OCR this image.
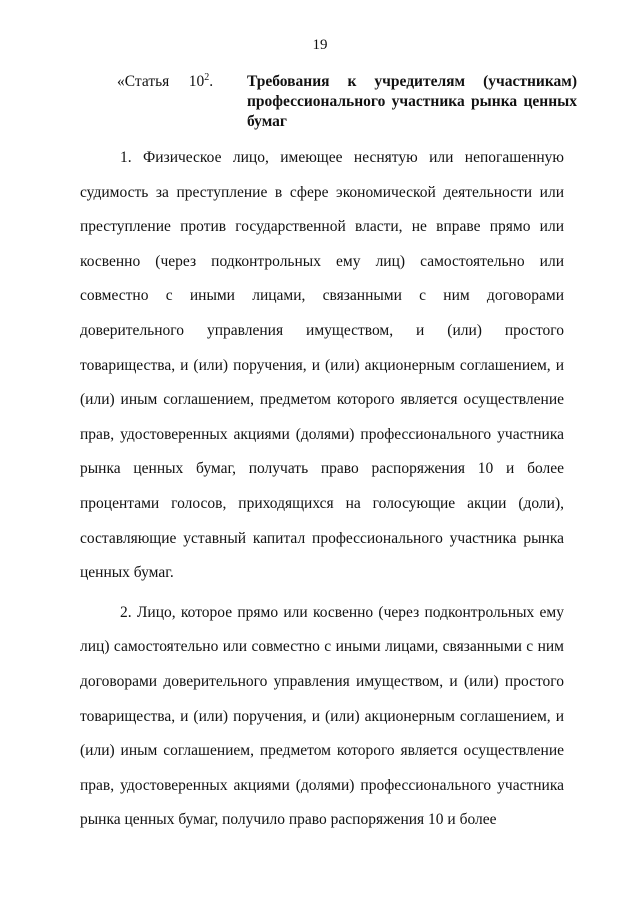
19
«Статья $10^2$. Требования к учредителям (участникам) профессионального участника рынка ценных бумаг

1. Физическое лицо, имеющее неснятую или непогашенную судимость за преступление в сфере экономической деятельности или преступление против государственной власти, не вправе прямо или косвенно (через подконтрольных ему лиц) самостоятельно или совместно с иными лицами, связанными с ним договорами доверительного управления имуществом, и (или) простого товарищества, и (или) поручения, и (или) акционерным соглашением, и (или) иным соглашением, предметом которого является осуществление прав, удостоверенных акциями (долями) профессионального участника рынка ценных бумаг, получать право распоряжения 10 и более процентами голосов, приходящихся на голосующие акции (доли), составляющие уставный капитал профессионального участника рынка ценных бумаг.

2. Лицо, которое прямо или косвенно (через подконтрольных ему лиц) самостоятельно или совместно с иными лицами, связанными с ним договорами доверительного управления имуществом, и (или) простого товарищества, и (или) поручения, и (или) акционерным соглашением, и (или) иным соглашением, предметом которого является осуществление прав, удостоверенных акциями (долями) профессионального участника рынка ценных бумаг, получило право распоряжения 10 и более
